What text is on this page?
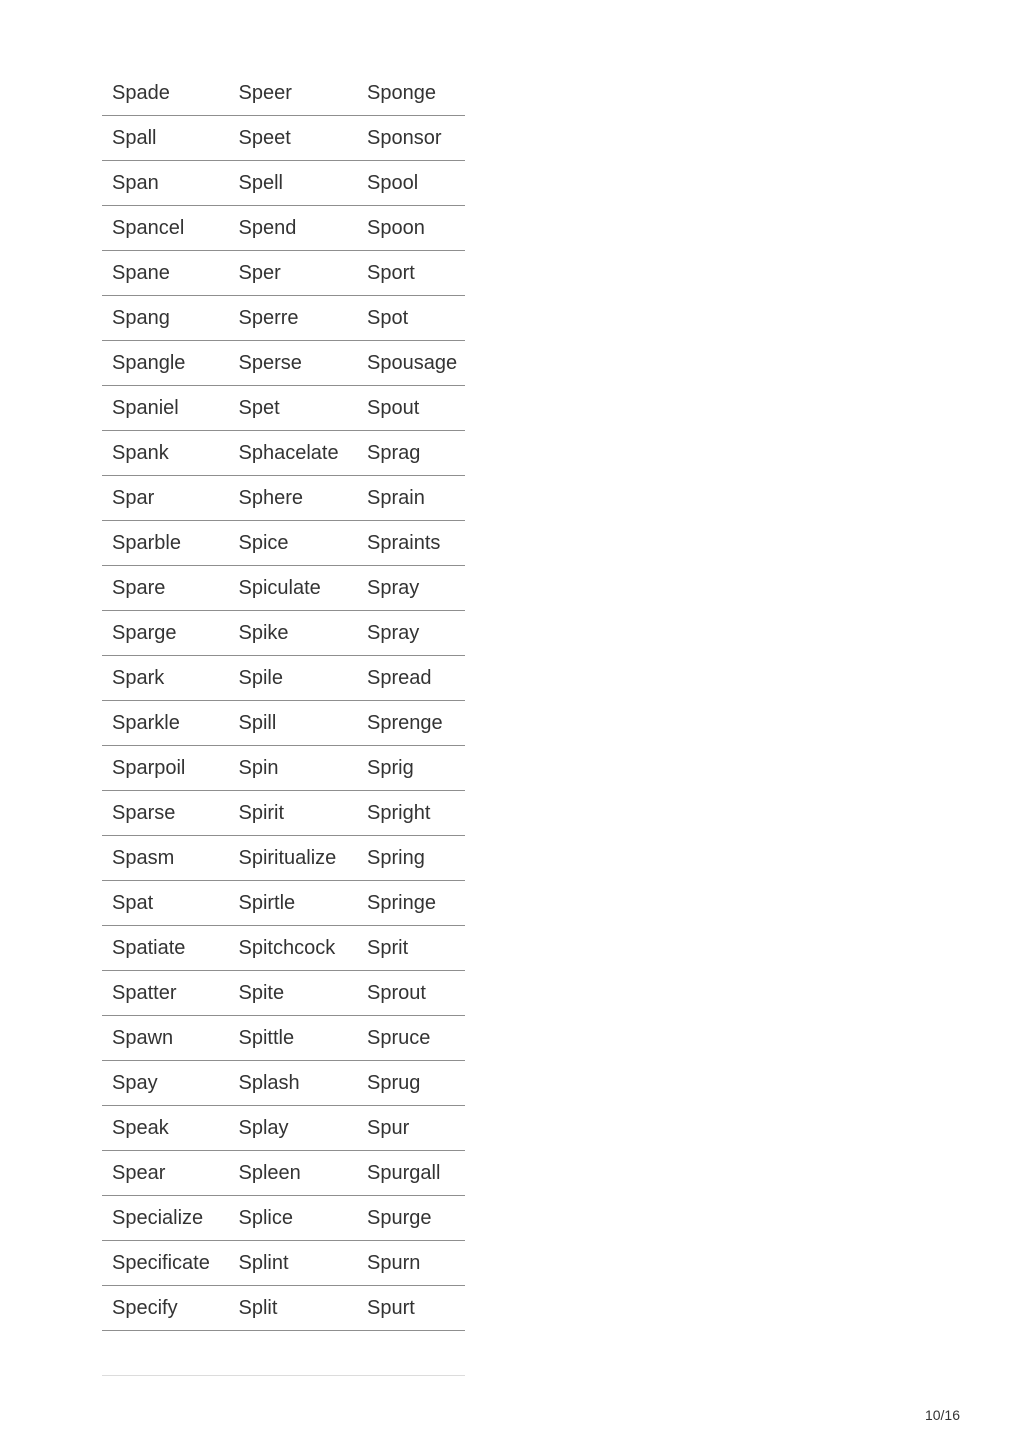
Spade	Speer	Sponge
Spall	Speet	Sponsor
Span	Spell	Spool
Spancel	Spend	Spoon
Spane	Sper	Sport
Spang	Sperre	Spot
Spangle	Sperse	Spousage
Spaniel	Spet	Spout
Spank	Sphacelate	Sprag
Spar	Sphere	Sprain
Sparble	Spice	Spraints
Spare	Spiculate	Spray
Sparge	Spike	Spray
Spark	Spile	Spread
Sparkle	Spill	Sprenge
Sparpoil	Spin	Sprig
Sparse	Spirit	Spright
Spasm	Spiritualize	Spring
Spat	Spirtle	Springe
Spatiate	Spitchcock	Sprit
Spatter	Spite	Sprout
Spawn	Spittle	Spruce
Spay	Splash	Sprug
Speak	Splay	Spur
Spear	Spleen	Spurgall
Specialize	Splice	Spurge
Specificate	Splint	Spurn
Specify	Split	Spurt
10/16
